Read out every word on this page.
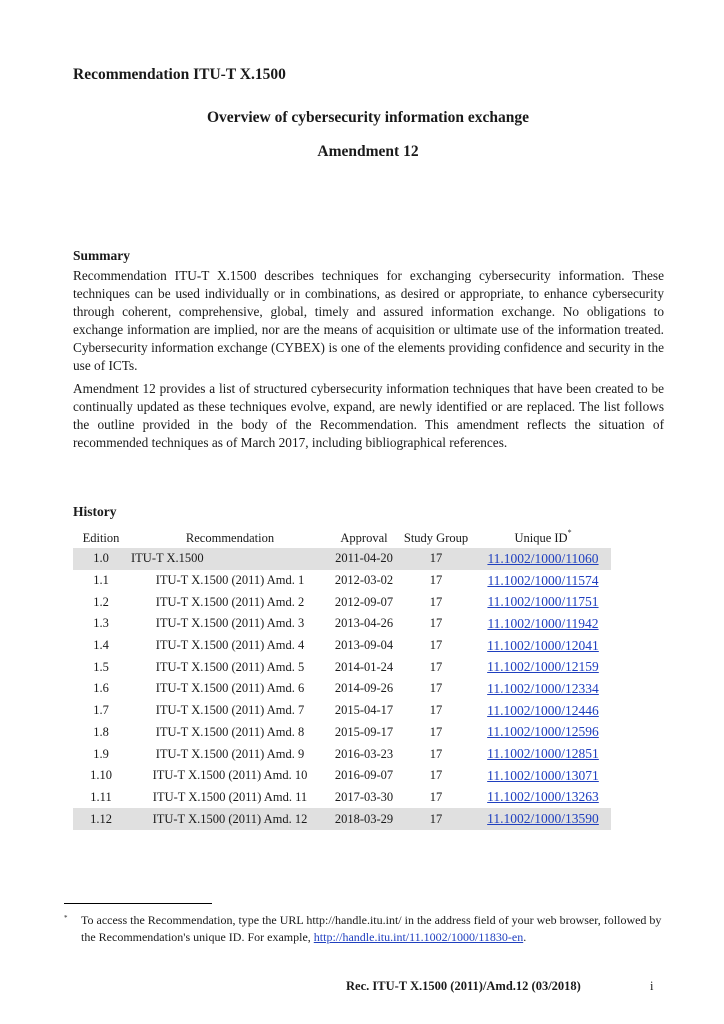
Recommendation ITU-T X.1500
Overview of cybersecurity information exchange
Amendment 12
Summary

Recommendation ITU-T X.1500 describes techniques for exchanging cybersecurity information. These techniques can be used individually or in combinations, as desired or appropriate, to enhance cybersecurity through coherent, comprehensive, global, timely and assured information exchange. No obligations to exchange information are implied, nor are the means of acquisition or ultimate use of the information treated. Cybersecurity information exchange (CYBEX) is one of the elements providing confidence and security in the use of ICTs.

Amendment 12 provides a list of structured cybersecurity information techniques that have been created to be continually updated as these techniques evolve, expand, are newly identified or are replaced. The list follows the outline provided in the body of the Recommendation. This amendment reflects the situation of recommended techniques as of March 2017, including bibliographical references.

History
Edition	Recommendation	Approval	Study Group	Unique ID*
1.0	ITU-T X.1500	2011-04-20	17	11.1002/1000/11060
1.1	ITU-T X.1500 (2011) Amd. 1	2012-03-02	17	11.1002/1000/11574
1.2	ITU-T X.1500 (2011) Amd. 2	2012-09-07	17	11.1002/1000/11751
1.3	ITU-T X.1500 (2011) Amd. 3	2013-04-26	17	11.1002/1000/11942
1.4	ITU-T X.1500 (2011) Amd. 4	2013-09-04	17	11.1002/1000/12041
1.5	ITU-T X.1500 (2011) Amd. 5	2014-01-24	17	11.1002/1000/12159
1.6	ITU-T X.1500 (2011) Amd. 6	2014-09-26	17	11.1002/1000/12334
1.7	ITU-T X.1500 (2011) Amd. 7	2015-04-17	17	11.1002/1000/12446
1.8	ITU-T X.1500 (2011) Amd. 8	2015-09-17	17	11.1002/1000/12596
1.9	ITU-T X.1500 (2011) Amd. 9	2016-03-23	17	11.1002/1000/12851
1.10	ITU-T X.1500 (2011) Amd. 10	2016-09-07	17	11.1002/1000/13071
1.11	ITU-T X.1500 (2011) Amd. 11	2017-03-30	17	11.1002/1000/13263
1.12	ITU-T X.1500 (2011) Amd. 12	2018-03-29	17	11.1002/1000/13590
* To access the Recommendation, type the URL http://handle.itu.int/ in the address field of your web browser, followed by the Recommendation's unique ID. For example, http://handle.itu.int/11.1002/1000/11830-en.
Rec. ITU-T X.1500 (2011)/Amd.12 (03/2018)	i
